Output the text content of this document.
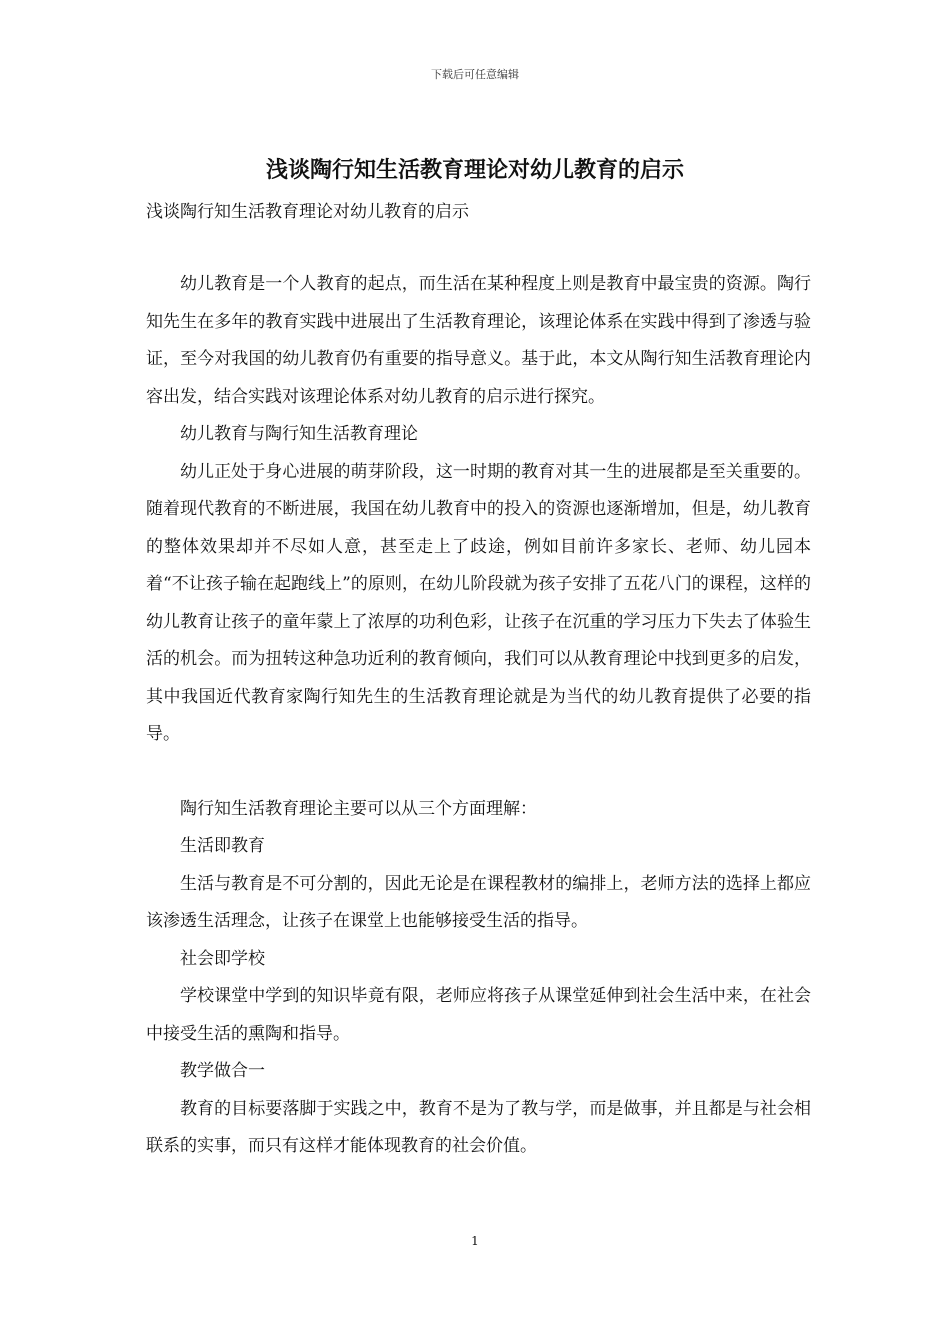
下载后可任意编辑
浅谈陶行知生活教育理论对幼儿教育的启示

浅谈陶行知生活教育理论对幼儿教育的启示

幼儿教育是一个人教育的起点，而生活在某种程度上则是教育中最宝贵的资源。陶行知先生在多年的教育实践中进展出了生活教育理论，该理论体系在实践中得到了渗透与验证，至今对我国的幼儿教育仍有重要的指导意义。基于此，本文从陶行知生活教育理论内容出发，结合实践对该理论体系对幼儿教育的启示进行探究。

幼儿教育与陶行知生活教育理论

幼儿正处于身心进展的萌芽阶段，这一时期的教育对其一生的进展都是至关重要的。随着现代教育的不断进展，我国在幼儿教育中的投入的资源也逐渐增加，但是，幼儿教育的整体效果却并不尽如人意，甚至走上了歧途，例如目前许多家长、老师、幼儿园本着“不让孩子输在起跑线上”的原则，在幼儿阶段就为孩子安排了五花八门的课程，这样的幼儿教育让孩子的童年蒙上了浓厚的功利色彩，让孩子在沉重的学习压力下失去了体验生活的机会。而为扭转这种急功近利的教育倾向，我们可以从教育理论中找到更多的启发，其中我国近代教育家陶行知先生的生活教育理论就是为当代的幼儿教育提供了必要的指导。

陶行知生活教育理论主要可以从三个方面理解：

生活即教育

生活与教育是不可分割的，因此无论是在课程教材的编排上，老师方法的选择上都应该渗透生活理念，让孩子在课堂上也能够接受生活的指导。

社会即学校

学校课堂中学到的知识毕竟有限，老师应将孩子从课堂延伸到社会生活中来，在社会中接受生活的熏陶和指导。

教学做合一

教育的目标要落脚于实践之中，教育不是为了教与学，而是做事，并且都是与社会相联系的实事，而只有这样才能体现教育的社会价值。

1
